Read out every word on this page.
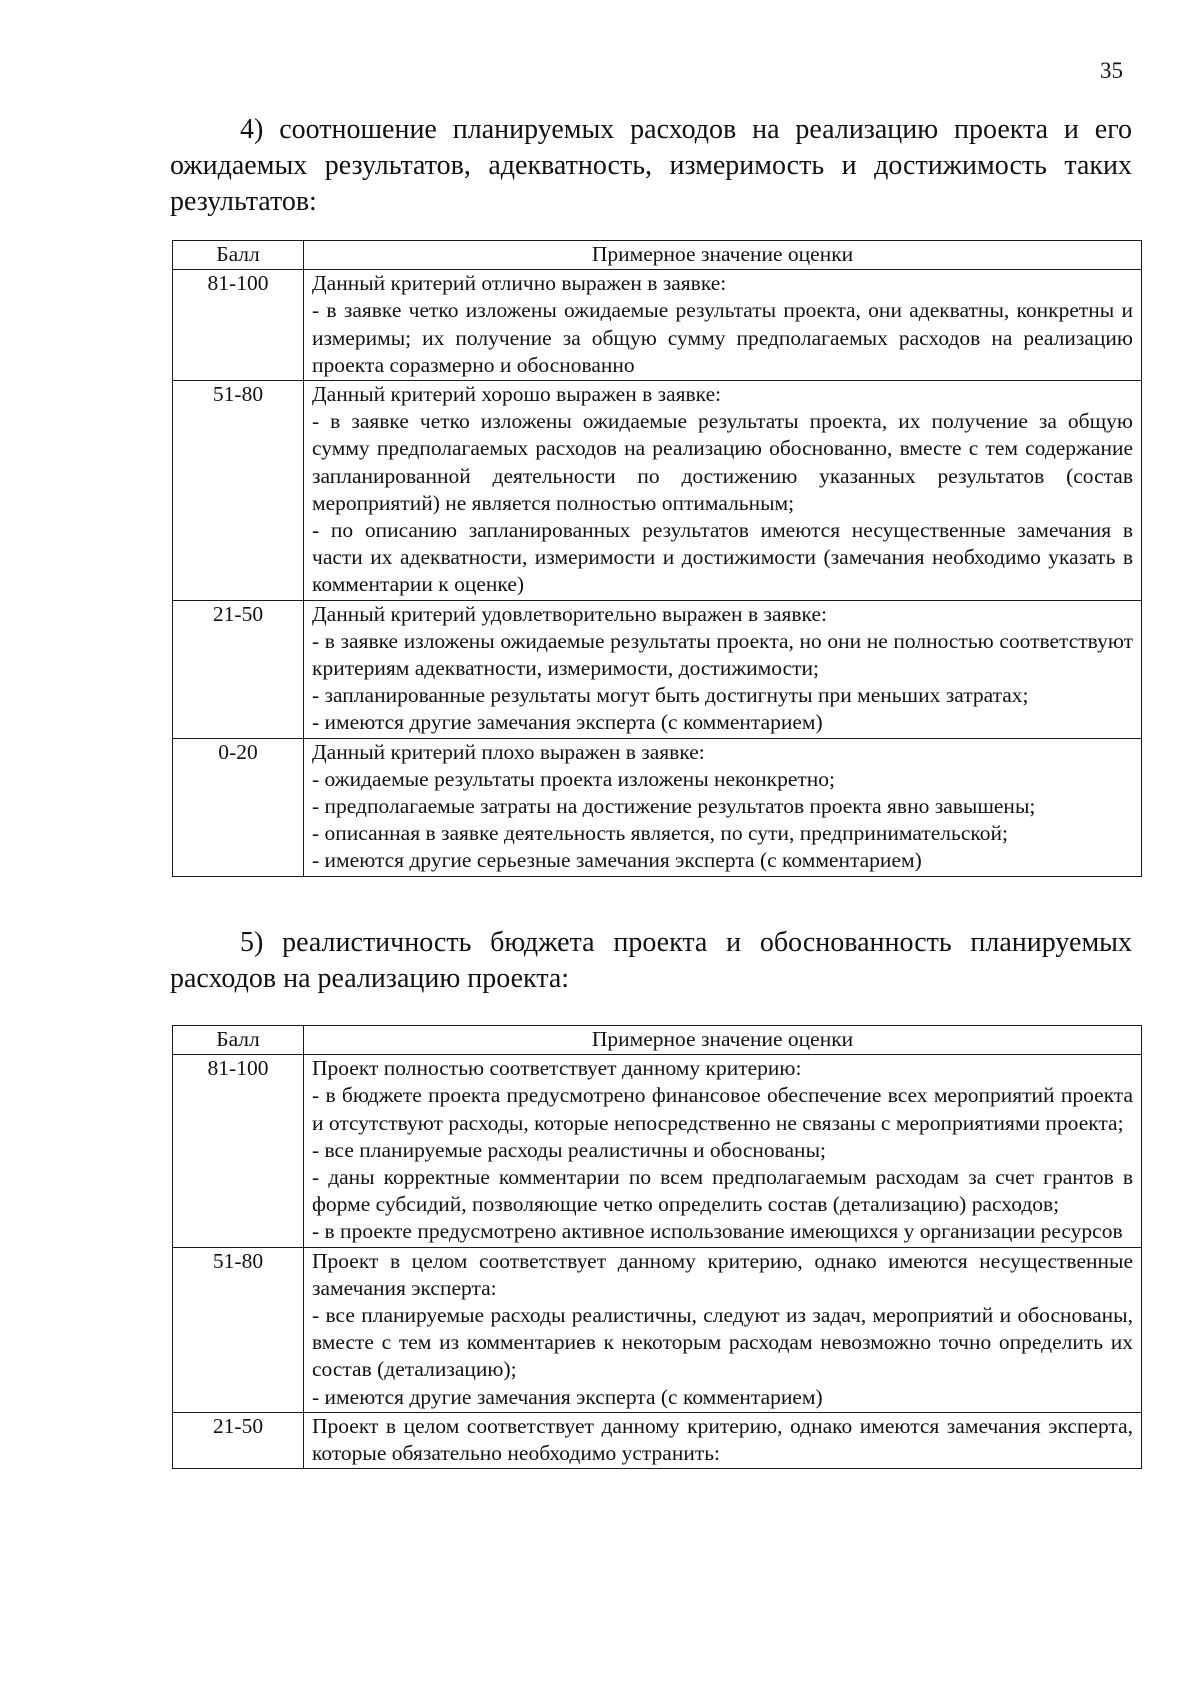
35

4) соотношение планируемых расходов на реализацию проекта и его ожидаемых результатов, адекватность, измеримость и достижимость таких результатов:

Балл	Примерное значение оценки
81-100	Данный критерий отлично выражен в заявке:
- в заявке четко изложены ожидаемые результаты проекта, они адекватны, конкретны и измеримы; их получение за общую сумму предполагаемых расходов на реализацию проекта соразмерно и обоснованно

51-80	Данный критерий хорошо выражен в заявке:
- в заявке четко изложены ожидаемые результаты проекта, их получение за общую сумму предполагаемых расходов на реализацию обоснованно, вместе с тем содержание запланированной деятельности по достижению указанных результатов (состав мероприятий) не является полностью оптимальным;
- по описанию запланированных результатов имеются несущественные замечания в части их адекватности, измеримости и достижимости (замечания необходимо указать в комментарии к оценке)

21-50	Данный критерий удовлетворительно выражен в заявке:
- в заявке изложены ожидаемые результаты проекта, но они не полностью соответствуют критериям адекватности, измеримости, достижимости;
- запланированные результаты могут быть достигнуты при меньших затратах;
- имеются другие замечания эксперта (с комментарием)

0-20	Данный критерий плохо выражен в заявке:
- ожидаемые результаты проекта изложены неконкретно;
- предполагаемые затраты на достижение результатов проекта явно завышены;
- описанная в заявке деятельность является, по сути, предпринимательской;
- имеются другие серьезные замечания эксперта (с комментарием)

5) реалистичность бюджета проекта и обоснованность планируемых расходов на реализацию проекта:

Балл	Примерное значение оценки
81-100	Проект полностью соответствует данному критерию:
- в бюджете проекта предусмотрено финансовое обеспечение всех мероприятий проекта и отсутствуют расходы, которые непосредственно не связаны с мероприятиями проекта;
- все планируемые расходы реалистичны и обоснованы;
- даны корректные комментарии по всем предполагаемым расходам за счет грантов в форме субсидий, позволяющие четко определить состав (детализацию) расходов;
- в проекте предусмотрено активное использование имеющихся у организации ресурсов

51-80	Проект в целом соответствует данному критерию, однако имеются несущественные замечания эксперта:
- все планируемые расходы реалистичны, следуют из задач, мероприятий и обоснованы, вместе с тем из комментариев к некоторым расходам невозможно точно определить их состав (детализацию);
- имеются другие замечания эксперта (с комментарием)

21-50	Проект в целом соответствует данному критерию, однако имеются замечания эксперта, которые обязательно необходимо устранить:
